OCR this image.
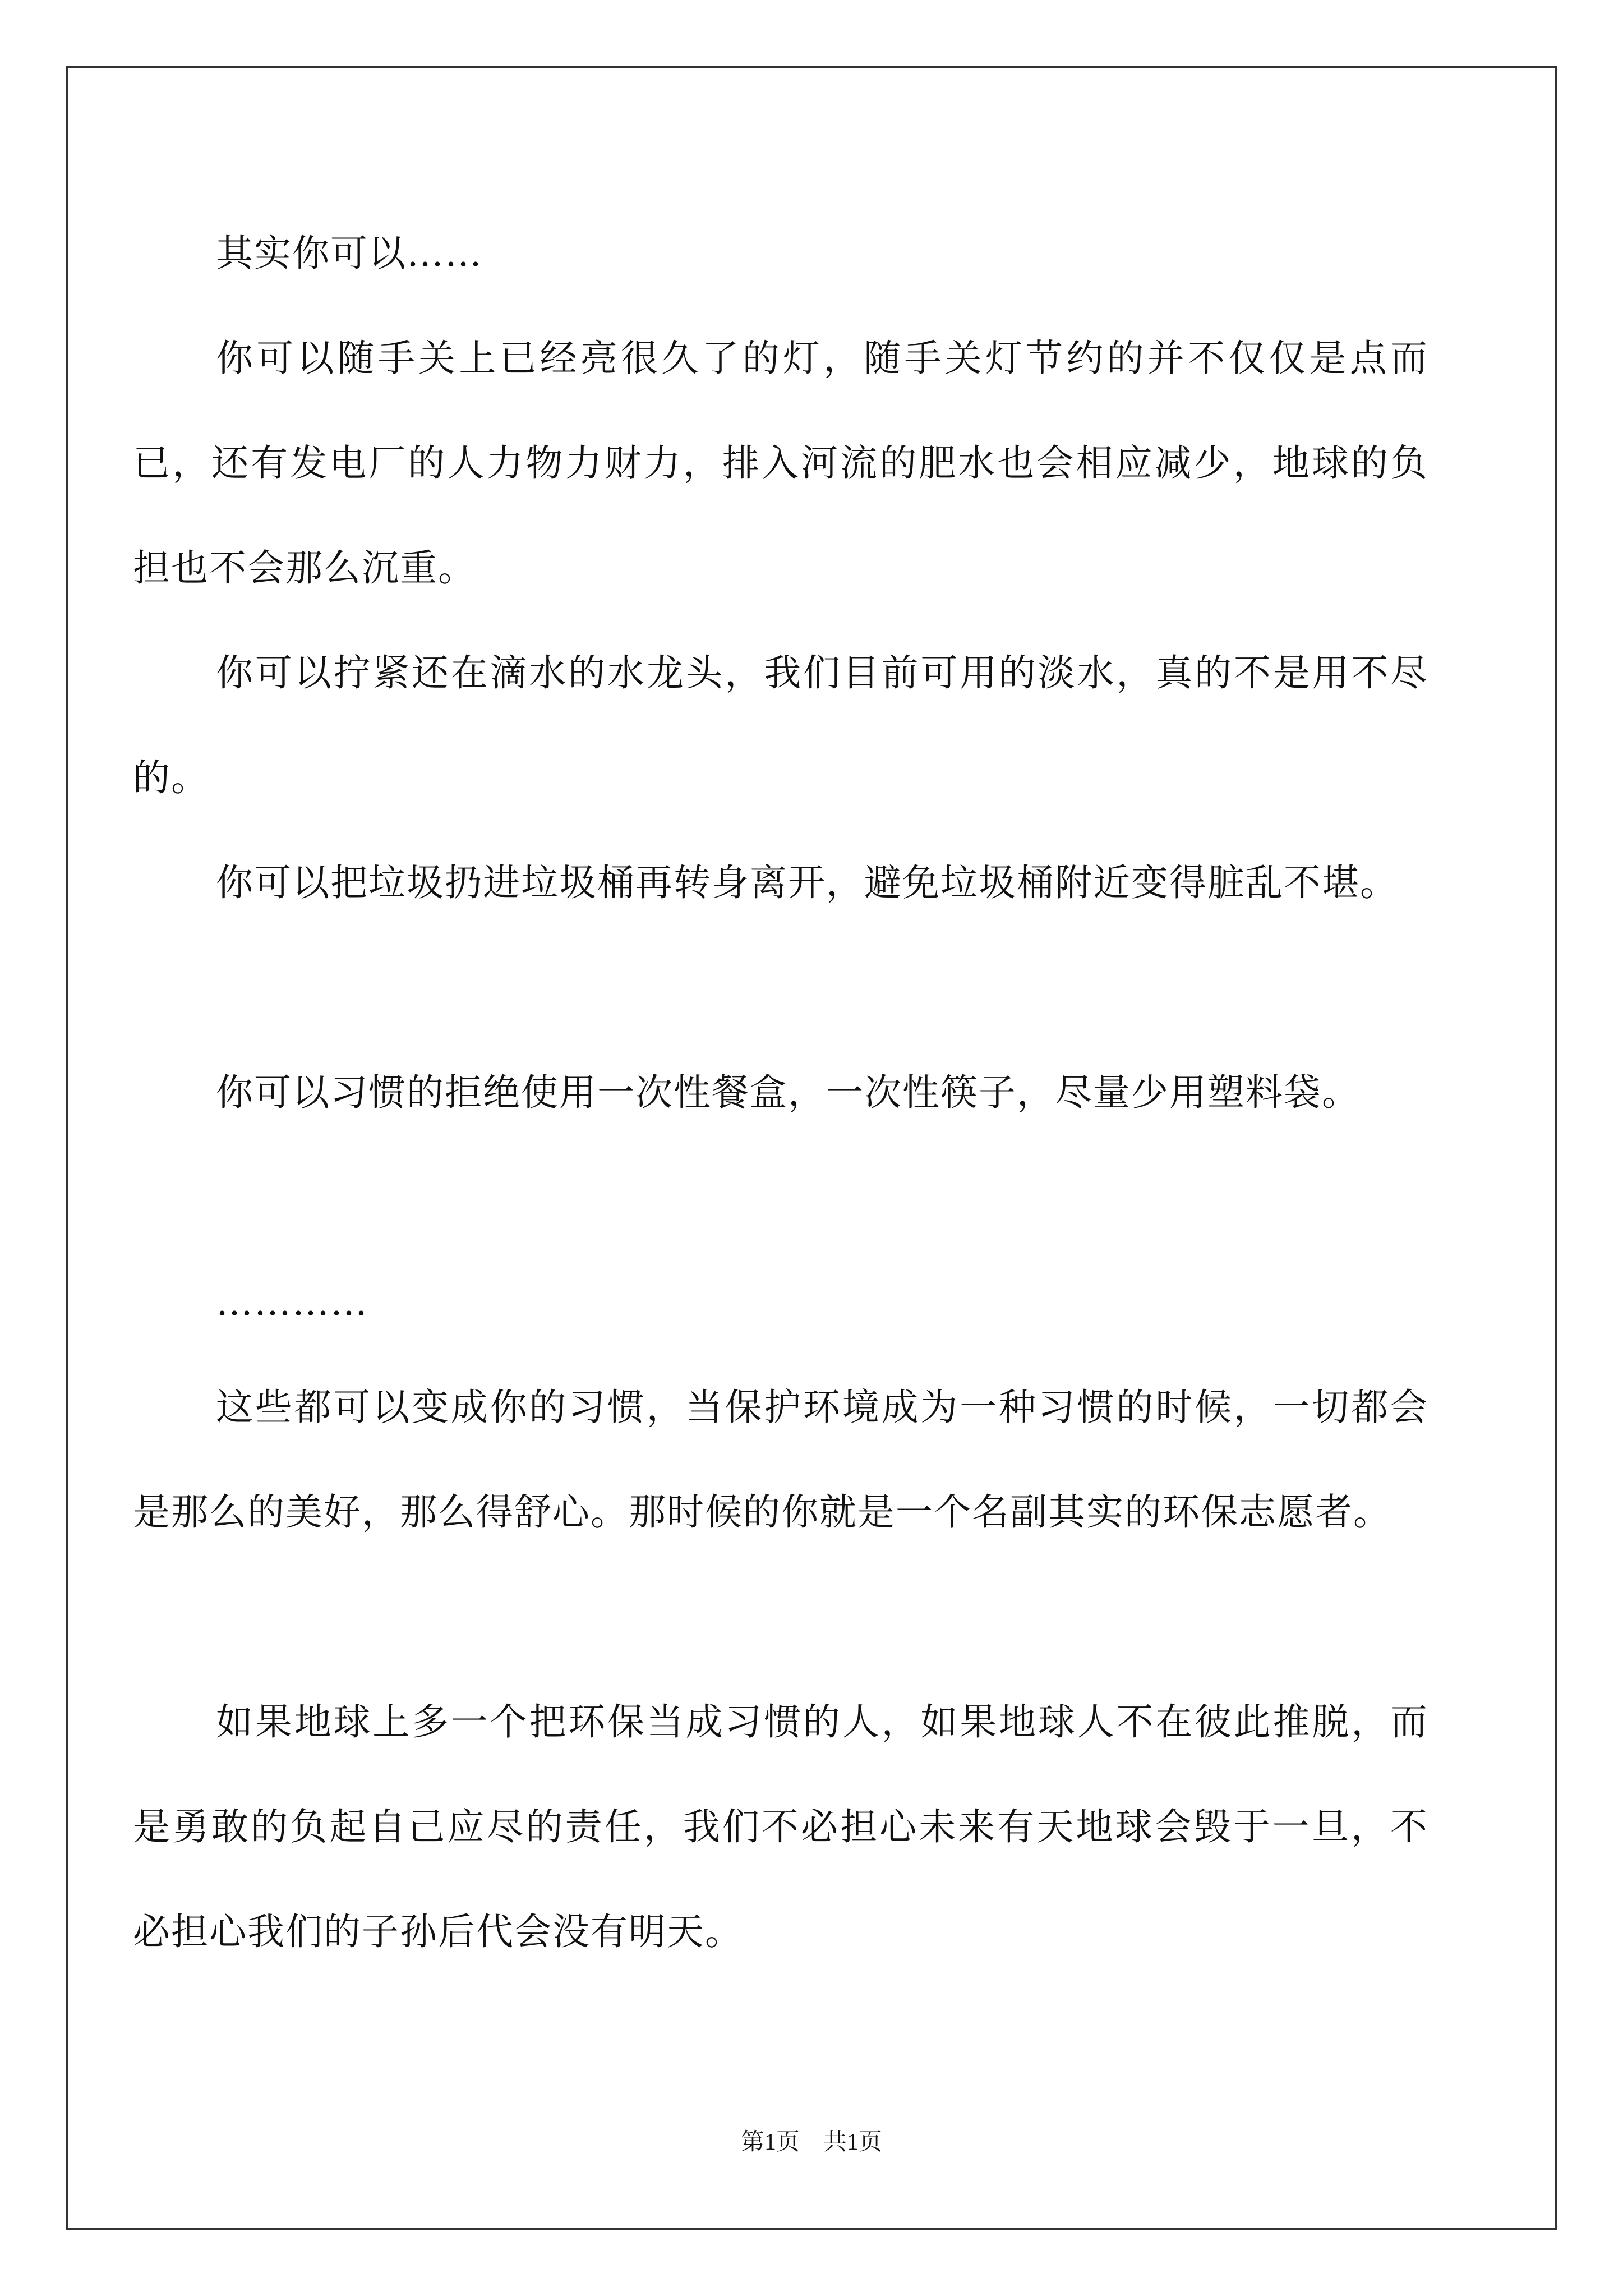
其实你可以……

你可以随手关上已经亮很久了的灯，随手关灯节约的并不仅仅是点而已，还有发电厂的人力物力财力，排入河流的肥水也会相应减少，地球的负担也不会那么沉重。

你可以拧紧还在滴水的水龙头，我们目前可用的淡水，真的不是用不尽的。

你可以把垃圾扔进垃圾桶再转身离开，避免垃圾桶附近变得脏乱不堪。

你可以习惯的拒绝使用一次性餐盒，一次性筷子，尽量少用塑料袋。

…………

这些都可以变成你的习惯，当保护环境成为一种习惯的时候，一切都会是那么的美好，那么得舒心。那时候的你就是一个名副其实的环保志愿者。

如果地球上多一个把环保当成习惯的人，如果地球人不在彼此推脱，而是勇敢的负起自己应尽的责任，我们不必担心未来有天地球会毁于一旦，不必担心我们的子孙后代会没有明天。

第1页　共1页
